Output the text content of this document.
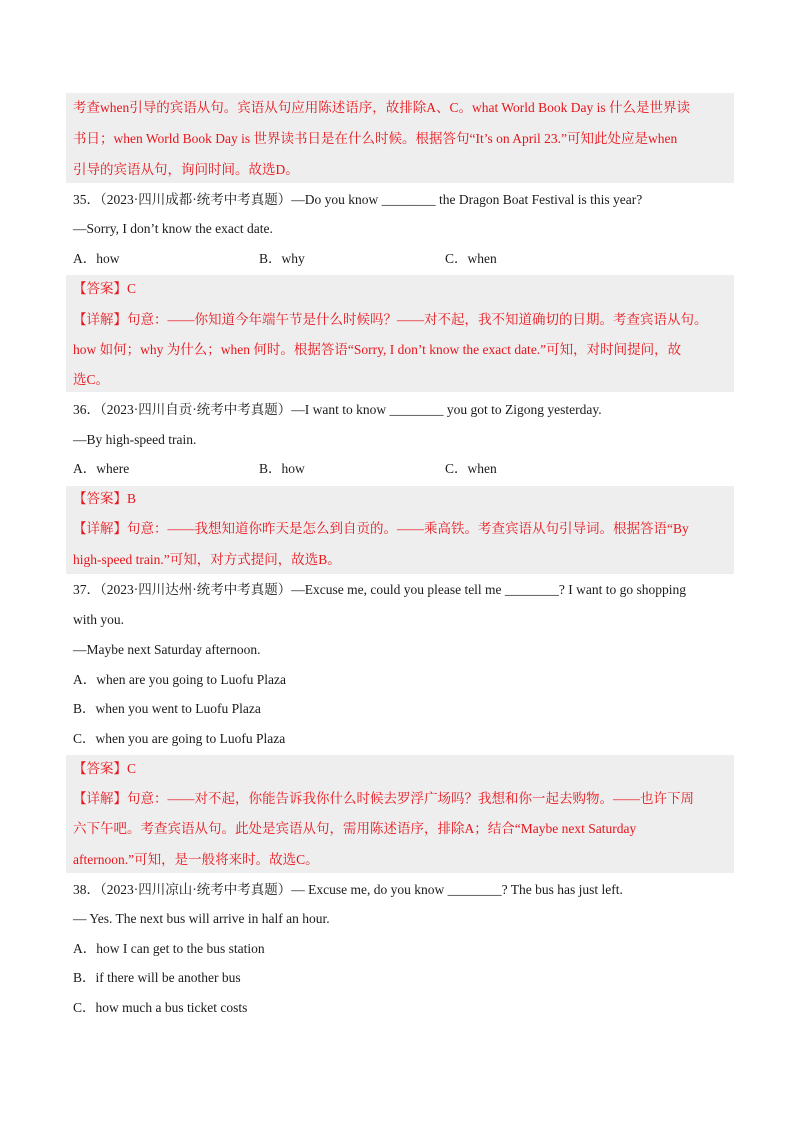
考查when引导的宾语从句。宾语从句应用陈述语序，故排除A、C。what World Book Day is 什么是世界读
书日；when World Book Day is 世界读书日是在什么时候。根据答句“It’s on April 23.”可知此处应是when
引导的宾语从句，询问时间。故选D。
35．（2023·四川成都·统考中考真题）—Do you know ________ the Dragon Boat Festival is this year?
—Sorry, I don’t know the exact date.
A．how	B．why	C．when
【答案】C
【详解】句意：——你知道今年端午节是什么时候吗？——对不起，我不知道确切的日期。考查宾语从句。
how 如何；why 为什么；when 何时。根据答语“Sorry, I don’t know the exact date.”可知，对时间提问，故
选C。
36．（2023·四川自贡·统考中考真题）—I want to know ________ you got to Zigong yesterday.
—By high-speed train.
A．where	B．how	C．when
【答案】B
【详解】句意：——我想知道你昨天是怎么到自贡的。——乘高铁。考查宾语从句引导词。根据答语“By
high-speed train.”可知，对方式提问，故选B。
37．（2023·四川达州·统考中考真题）—Excuse me, could you please tell me ________? I want to go shopping
with you.
—Maybe next Saturday afternoon.
A．when are you going to Luofu Plaza
B．when you went to Luofu Plaza
C．when you are going to Luofu Plaza
【答案】C
【详解】句意：——对不起，你能告诉我你什么时候去罗浮广场吗？我想和你一起去购物。——也许下周
六下午吧。考查宾语从句。此处是宾语从句，需用陈述语序，排除A；结合“Maybe next Saturday
afternoon.”可知，是一般将来时。故选C。
38．（2023·四川凉山·统考中考真题）— Excuse me, do you know ________? The bus has just left.
— Yes. The next bus will arrive in half an hour.
A．how I can get to the bus station
B．if there will be another bus
C．how much a bus ticket costs
